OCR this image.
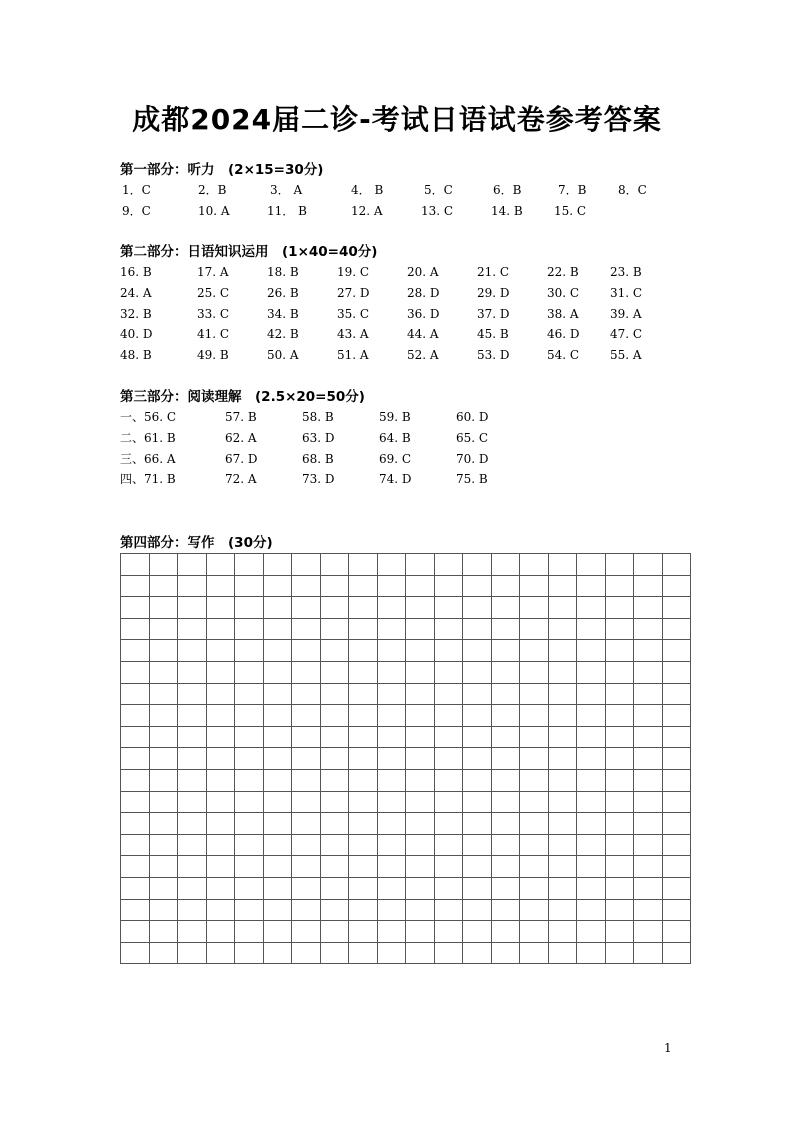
成都2024届二诊-考试日语试卷参考答案
第一部分：听力　(2×15=30分)
1．C	2．B	3． A	4． B	5．C	6．B	7．B	8．C
9．C	10. A	11． B	12. A	13. C	14. B	15. C
第二部分：日语知识运用　(1×40=40分)
16. B	17. A	18. B	19. C	20. A	21. C	22. B	23. B
24. A	25. C	26. B	27. D	28. D	29. D	30. C	31. C
32. B	33. C	34. B	35. C	36. D	37. D	38. A	39. A
40. D	41. C	42. B	43. A	44. A	45. B	46. D	47. C
48. B	49. B	50. A	51. A	52. A	53. D	54. C	55. A
第三部分：阅读理解　(2.5×20=50分)
一、56. C	57. B	58. B	59. B	60. D
二、61. B	62. A	63. D	64. B	65. C
三、66. A	67. D	68. B	69. C	70. D
四、71. B	72. A	73. D	74. D	75. B
第四部分：写作　(30分)
1
